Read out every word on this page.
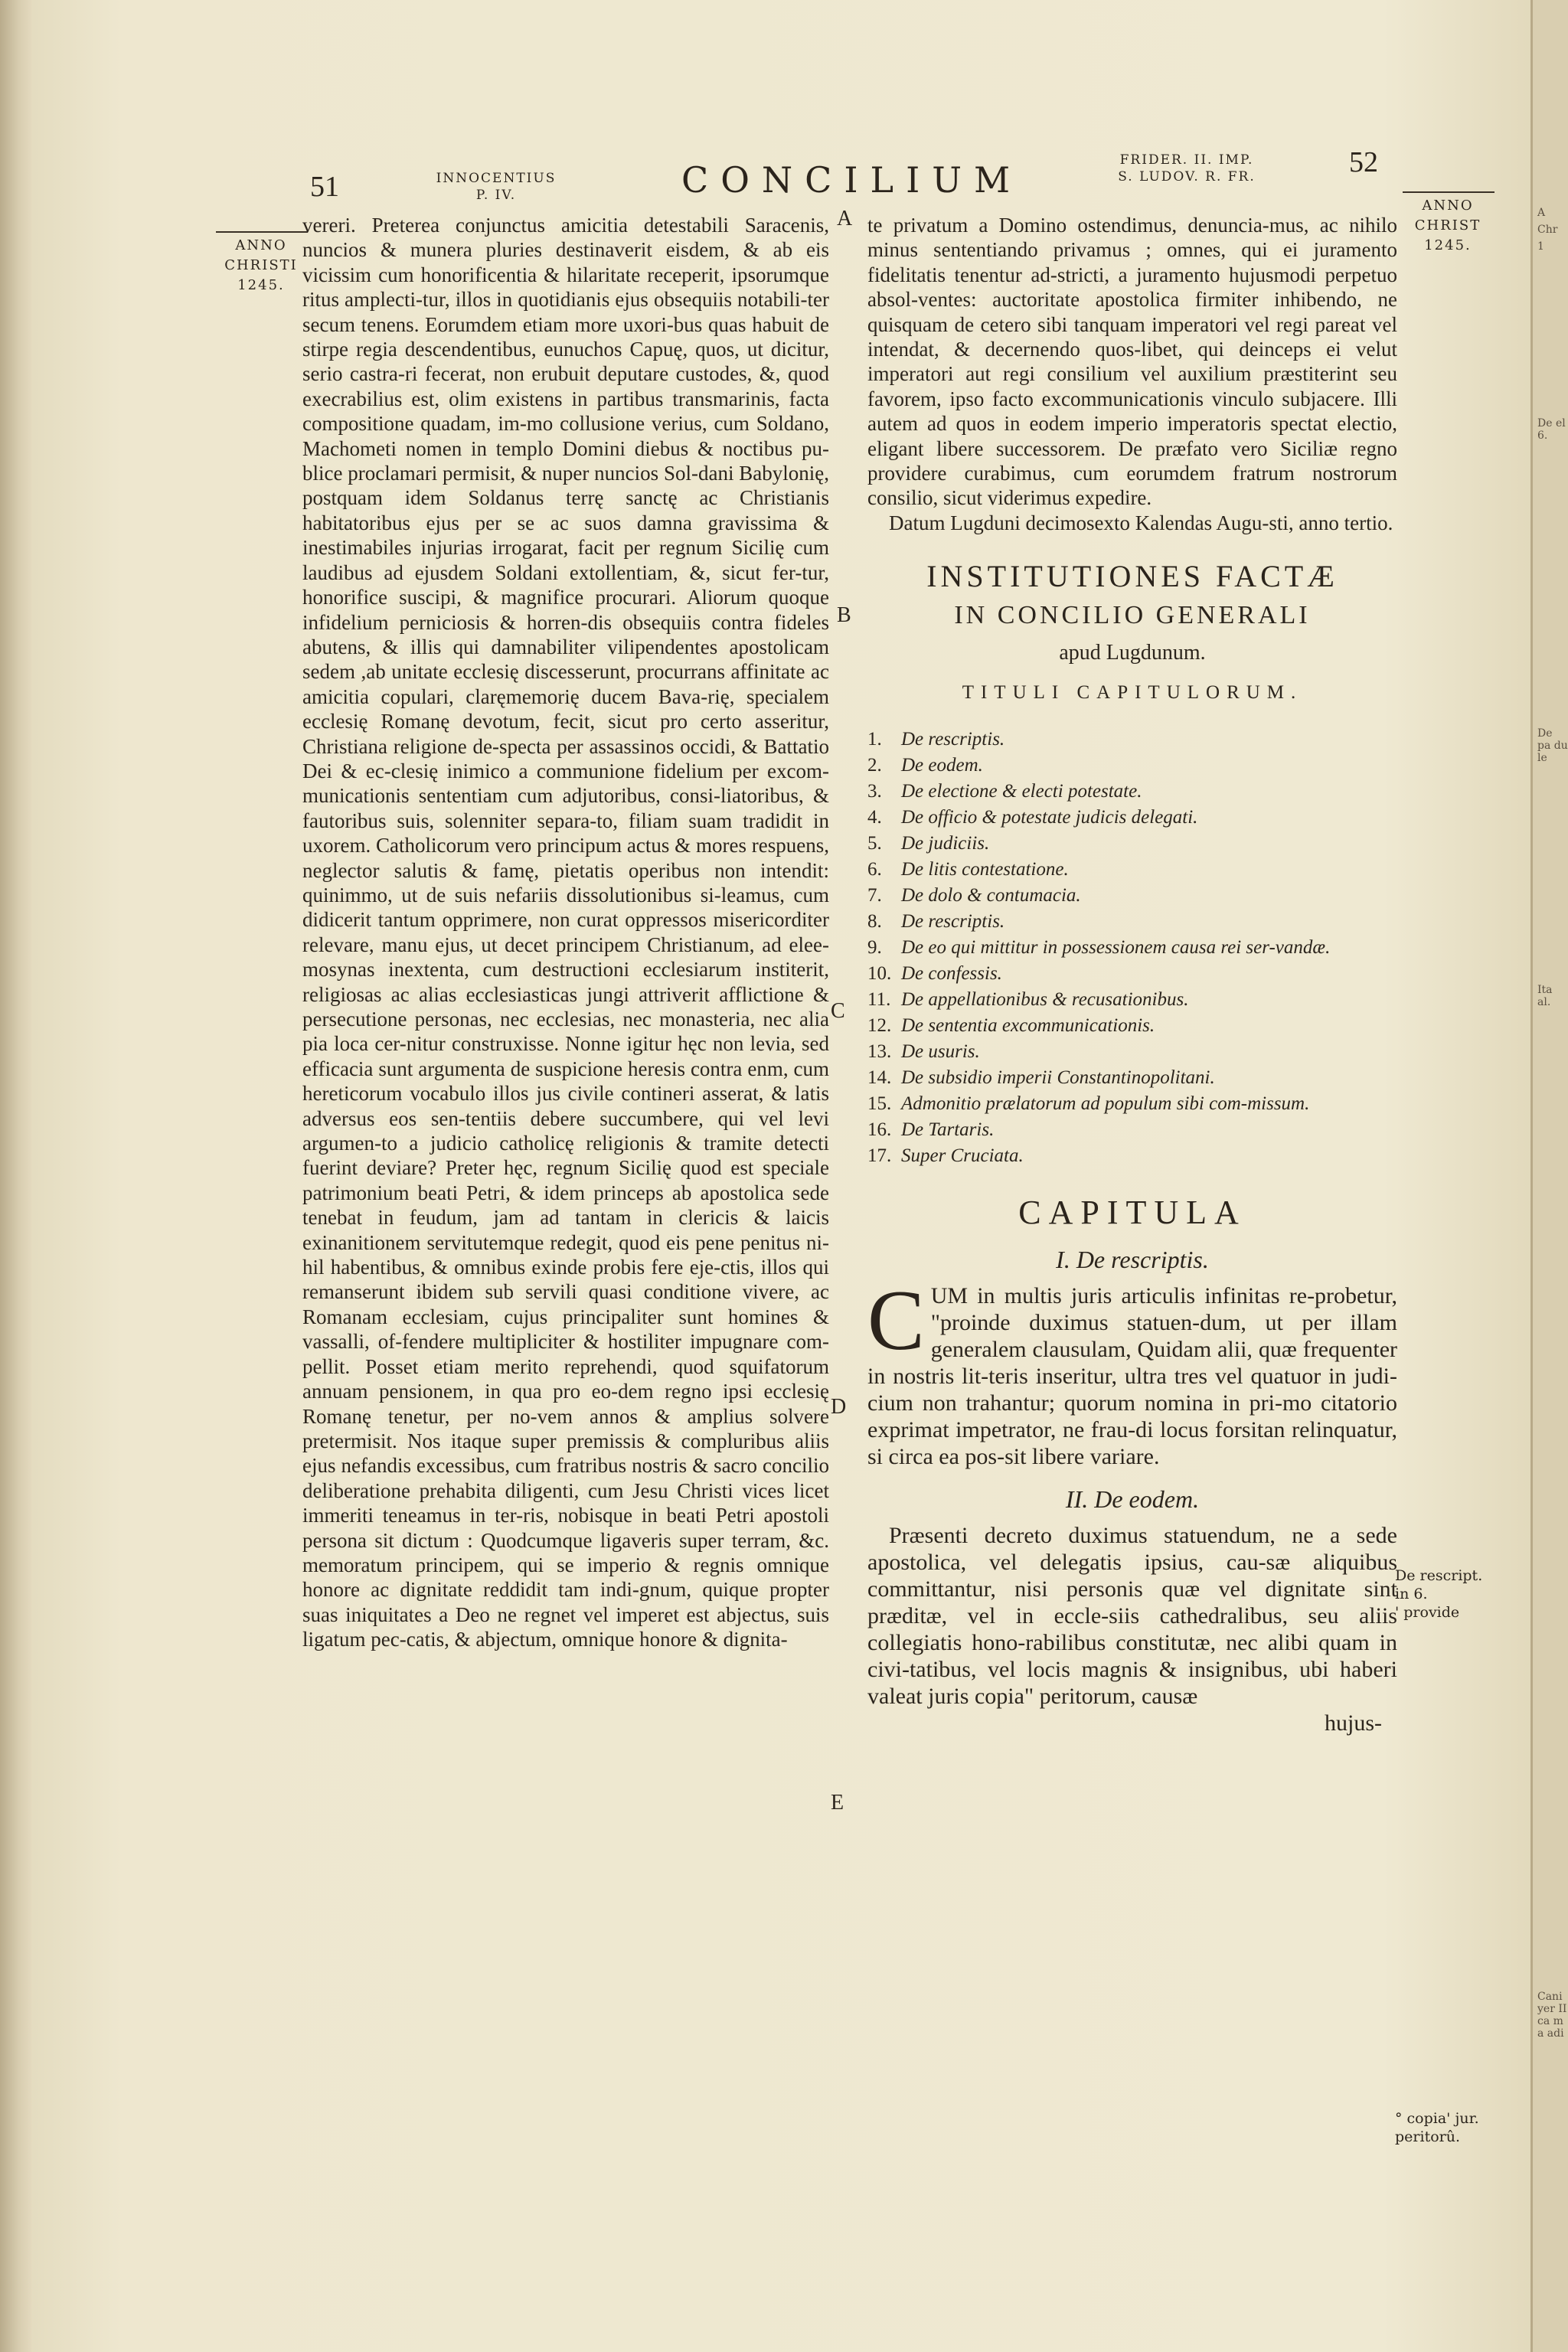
A
Chr
1
De el 6.
De pa du le
Ita al.
Cani yer II ca m a adi
51	INNOCENTIUS
P. IV.	CONCILIUM	FRIDER. II. IMP.
S. LUDOV. R. FR.	52
ANNO
CHRISTI
1245.
ANNO
CHRIST
1245.
De rescript.
in 6.
' provide
° copia' jur.
peritorû.
A
B
C
D
E

vereri. Preterea conjunctus amicitia detestabili Saracenis, nuncios & munera pluries destinaverit eisdem, & ab eis vicissim cum honorificentia & hilaritate receperit, ipsorumque ritus amplecti-tur, illos in quotidianis ejus obsequiis notabili-ter secum tenens. Eorumdem etiam more uxori-bus quas habuit de stirpe regia descendentibus, eunuchos Capuę, quos, ut dicitur, serio castra-ri fecerat, non erubuit deputare custodes, &, quod execrabilius est, olim existens in partibus transmarinis, facta compositione quadam, im-mo collusione verius, cum Soldano, Machometi nomen in templo Domini diebus & noctibus pu-blice proclamari permisit, & nuper nuncios Sol-dani Babylonię, postquam idem Soldanus terrę sanctę ac Christianis habitatoribus ejus per se ac suos damna gravissima & inestimabiles injurias irrogarat, facit per regnum Sicilię cum laudibus ad ejusdem Soldani extollentiam, &, sicut fer-tur, honorifice suscipi, & magnifice procurari. Aliorum quoque infidelium perniciosis & horren-dis obsequiis contra fideles abutens, & illis qui damnabiliter vilipendentes apostolicam sedem ,ab unitate ecclesię discesserunt, procurrans affinitate ac amicitia copulari, claręmemorię ducem Bava-rię, specialem ecclesię Romanę devotum, fecit, sicut pro certo asseritur, Christiana religione de-specta per assassinos occidi, & Battatio Dei & ec-clesię inimico a communione fidelium per excom-municationis sententiam cum adjutoribus, consi-liatoribus, & fautoribus suis, solenniter separa-to, filiam suam tradidit in uxorem. Catholicorum vero principum actus & mores respuens, neglector salutis & famę, pietatis operibus non intendit: quinimmo, ut de suis nefariis dissolutionibus si-leamus, cum didicerit tantum opprimere, non curat oppressos misericorditer relevare, manu ejus, ut decet principem Christianum, ad elee-mosynas inextenta, cum destructioni ecclesiarum institerit, religiosas ac alias ecclesiasticas jungi attriverit afflictione & persecutione personas, nec ecclesias, nec monasteria, nec alia pia loca cer-nitur construxisse. Nonne igitur hęc non levia, sed efficacia sunt argumenta de suspicione heresis contra enm, cum hereticorum vocabulo illos jus civile contineri asserat, & latis adversus eos sen-tentiis debere succumbere, qui vel levi argumen-to a judicio catholicę religionis & tramite detecti fuerint deviare? Preter hęc, regnum Sicilię quod est speciale patrimonium beati Petri, & idem princeps ab apostolica sede tenebat in feudum, jam ad tantam in clericis & laicis exinanitionem servitutemque redegit, quod eis pene penitus ni-hil habentibus, & omnibus exinde probis fere eje-ctis, illos qui remanserunt ibidem sub servili quasi conditione vivere, ac Romanam ecclesiam, cujus principaliter sunt homines & vassalli, of-fendere multipliciter & hostiliter impugnare com-pellit. Posset etiam merito reprehendi, quod squifatorum annuam pensionem, in qua pro eo-dem regno ipsi ecclesię Romanę tenetur, per no-vem annos & amplius solvere pretermisit. Nos itaque super premissis & compluribus aliis ejus nefandis excessibus, cum fratribus nostris & sacro concilio deliberatione prehabita diligenti, cum Jesu Christi vices licet immeriti teneamus in ter-ris, nobisque in beati Petri apostoli persona sit dictum : Quodcumque ligaveris super terram, &c. memoratum principem, qui se imperio & regnis omnique honore ac dignitate reddidit tam indi-gnum, quique propter suas iniquitates a Deo ne regnet vel imperet est abjectus, suis ligatum pec-catis, & abjectum, omnique honore & dignita-

te privatum a Domino ostendimus, denuncia-mus, ac nihilo minus sententiando privamus ; omnes, qui ei juramento fidelitatis tenentur ad-stricti, a juramento hujusmodi perpetuo absol-ventes: auctoritate apostolica firmiter inhibendo, ne quisquam de cetero sibi tanquam imperatori vel regi pareat vel intendat, & decernendo quos-libet, qui deinceps ei velut imperatori aut regi consilium vel auxilium præstiterint seu favorem, ipso facto excommunicationis vinculo subjacere. Illi autem ad quos in eodem imperio imperatoris spectat electio, eligant libere successorem. De præfato vero Siciliæ regno providere curabimus, cum eorumdem fratrum nostrorum consilio, sicut viderimus expedire.

Datum Lugduni decimosexto Kalendas Augu-sti, anno tertio.

INSTITUTIONES FACTÆ
IN CONCILIO GENERALI
apud Lugdunum.
TITULI CAPITULORUM.
1.	De rescriptis.
2.	De eodem.
3.	De electione & electi potestate.
4.	De officio & potestate judicis delegati.
5.	De judiciis.
6.	De litis contestatione.
7.	De dolo & contumacia.
8.	De rescriptis.
9.	De eo qui mittitur in possessionem causa rei ser-vandæ.
10. De confessis.
11. De appellationibus & recusationibus.
12. De sententia excommunicationis.
13. De usuris.
14. De subsidio imperii Constantinopolitani.
15. Admonitio prælatorum ad populum sibi com-missum.
16. De Tartaris.
17. Super Cruciata.
CAPITULA
I. De rescriptis.

CUM in multis juris articulis infinitas re-probetur, "proinde duximus statuen-dum, ut per illam generalem clausulam, Quidam alii, quæ frequenter in nostris lit-teris inseritur, ultra tres vel quatuor in judi-cium non trahantur; quorum nomina in pri-mo citatorio exprimat impetrator, ne frau-di locus forsitan relinquatur, si circa ea pos-sit libere variare.

II. De eodem.

Præsenti decreto duximus statuendum, ne a sede apostolica, vel delegatis ipsius, cau-sæ aliquibus committantur, nisi personis quæ vel dignitate sint præditæ, vel in eccle-siis cathedralibus, seu aliis collegiatis hono-rabilibus constitutæ, nec alibi quam in civi-tatibus, vel locis magnis & insignibus, ubi haberi valeat juris copia" peritorum, causæ

hujus-
